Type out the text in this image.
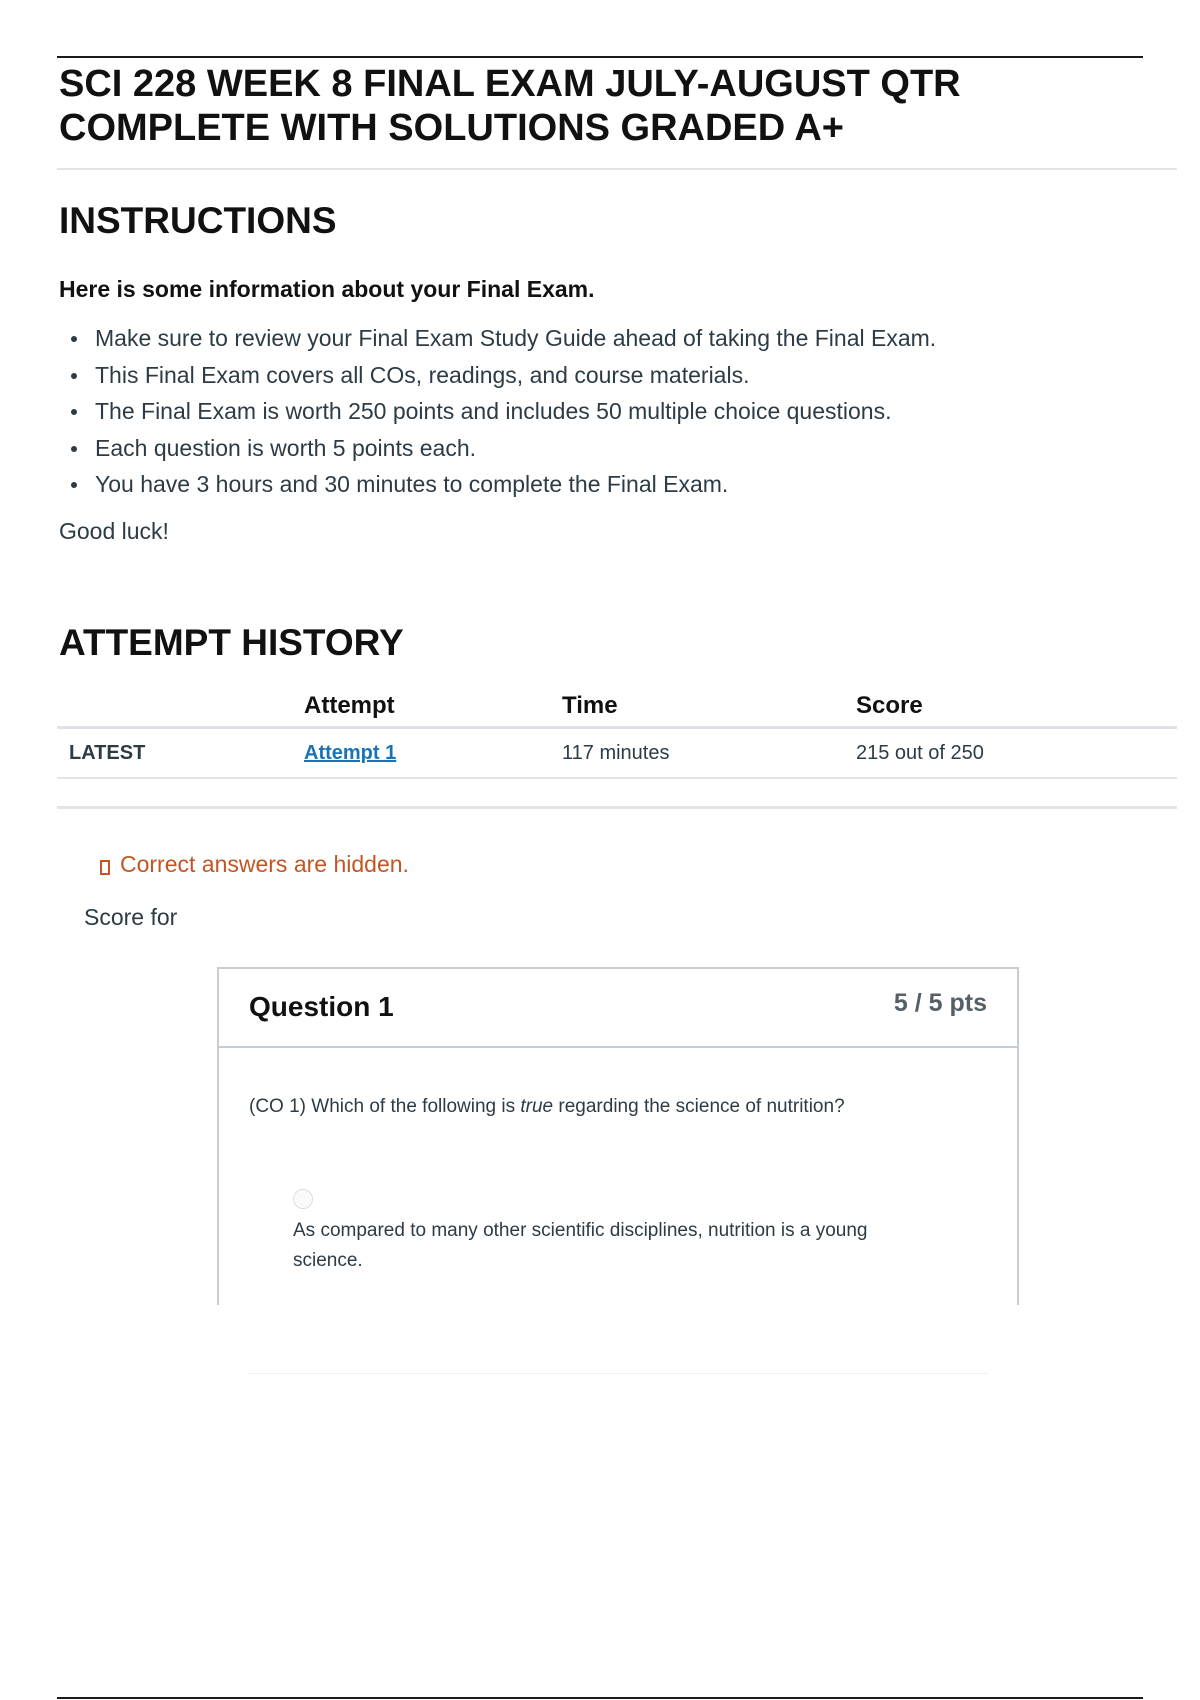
SCI 228 WEEK 8 FINAL EXAM JULY-AUGUST QTR COMPLETE WITH SOLUTIONS GRADED A+
INSTRUCTIONS

Here is some information about your Final Exam.

Make sure to review your Final Exam Study Guide ahead of taking the Final Exam.
This Final Exam covers all COs, readings, and course materials.
The Final Exam is worth 250 points and includes 50 multiple choice questions.
Each question is worth 5 points each.
You have 3 hours and 30 minutes to complete the Final Exam.

Good luck!

ATTEMPT HISTORY
	Attempt	Time	Score
LATEST	Attempt 1	117 minutes	215 out of 250

Correct answers are hidden.

Score for

Question 1	5 / 5 pts

(CO 1) Which of the following is true regarding the science of nutrition?

As compared to many other scientific disciplines, nutrition is a young science.
